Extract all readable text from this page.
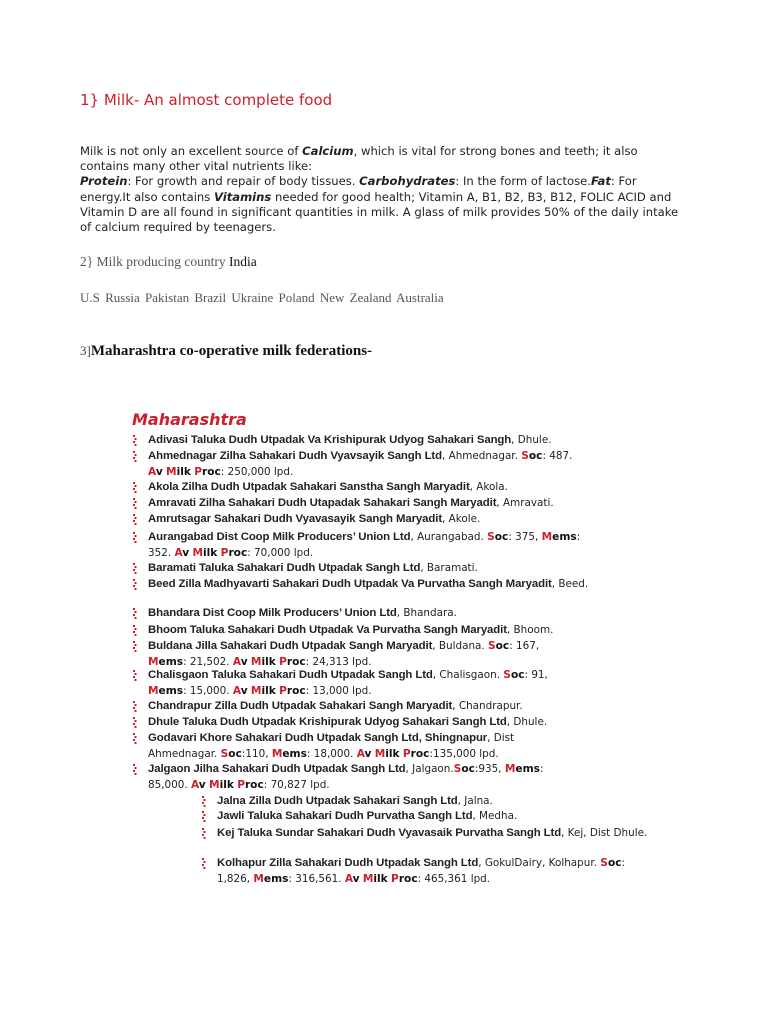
1} Milk- An almost complete food
Milk is not only an excellent source of Calcium, which is vital for strong bones and teeth; it also contains many other vital nutrients like:
Protein: For growth and repair of body tissues. Carbohydrates: In the form of lactose.Fat: For energy.It also contains Vitamins needed for good health; Vitamin A, B1, B2, B3, B12, FOLIC ACID and Vitamin D are all found in significant quantities in milk. A glass of milk provides 50% of the daily intake of calcium required by teenagers.
2} Milk producing country India
U.S Russia Pakistan Brazil Ukraine Poland New Zealand Australia
3]Maharashtra co-operative milk federations-
Maharashtra
Adivasi Taluka Dudh Utpadak Va Krishipurak Udyog Sahakari Sangh, Dhule.
Ahmednagar Zilha Sahakari Dudh Vyavsayik Sangh Ltd, Ahmednagar. Soc: 487. Av Milk Proc: 250,000 lpd.
Akola Zilha Dudh Utpadak Sahakari Sanstha Sangh Maryadit, Akola.
Amravati Zilha Sahakari Dudh Utapadak Sahakari Sangh Maryadit, Amravati.
Amrutsagar Sahakari Dudh Vyavasayik Sangh Maryadit, Akole.
Aurangabad Dist Coop Milk Producers’ Union Ltd, Aurangabad. Soc: 375, Mems: 352. Av Milk Proc: 70,000 lpd.
Baramati Taluka Sahakari Dudh Utpadak Sangh Ltd, Baramati.
Beed Zilla Madhyavarti Sahakari Dudh Utpadak Va Purvatha Sangh Maryadit, Beed.
Bhandara Dist Coop Milk Producers’ Union Ltd, Bhandara.
Bhoom Taluka Sahakari Dudh Utpadak Va Purvatha Sangh Maryadit, Bhoom.
Buldana Jilla Sahakari Dudh Utpadak Sangh Maryadit, Buldana. Soc: 167, Mems: 21,502. Av Milk Proc: 24,313 lpd.
Chalisgaon Taluka Sahakari Dudh Utpadak Sangh Ltd, Chalisgaon. Soc: 91, Mems: 15,000. Av Milk Proc: 13,000 lpd.
Chandrapur Zilla Dudh Utpadak Sahakari Sangh Maryadit, Chandrapur.
Dhule Taluka Dudh Utpadak Krishipurak Udyog Sahakari Sangh Ltd, Dhule.
Godavari Khore Sahakari Dudh Utpadak Sangh Ltd, Shingnapur, Dist Ahmednagar. Soc:110, Mems: 18,000. Av Milk Proc:135,000 lpd.
Jalgaon Jilha Sahakari Dudh Utpadak Sangh Ltd, Jalgaon.Soc:935, Mems: 85,000. Av Milk Proc: 70,827 lpd.
Jalna Zilla Dudh Utpadak Sahakari Sangh Ltd, Jalna.
Jawli Taluka Sahakari Dudh Purvatha Sangh Ltd, Medha.
Kej Taluka Sundar Sahakari Dudh Vyavasaik Purvatha Sangh Ltd, Kej, Dist Dhule.
Kolhapur Zilla Sahakari Dudh Utpadak Sangh Ltd, GokulDairy, Kolhapur. Soc: 1,826, Mems: 316,561. Av Milk Proc: 465,361 lpd.
